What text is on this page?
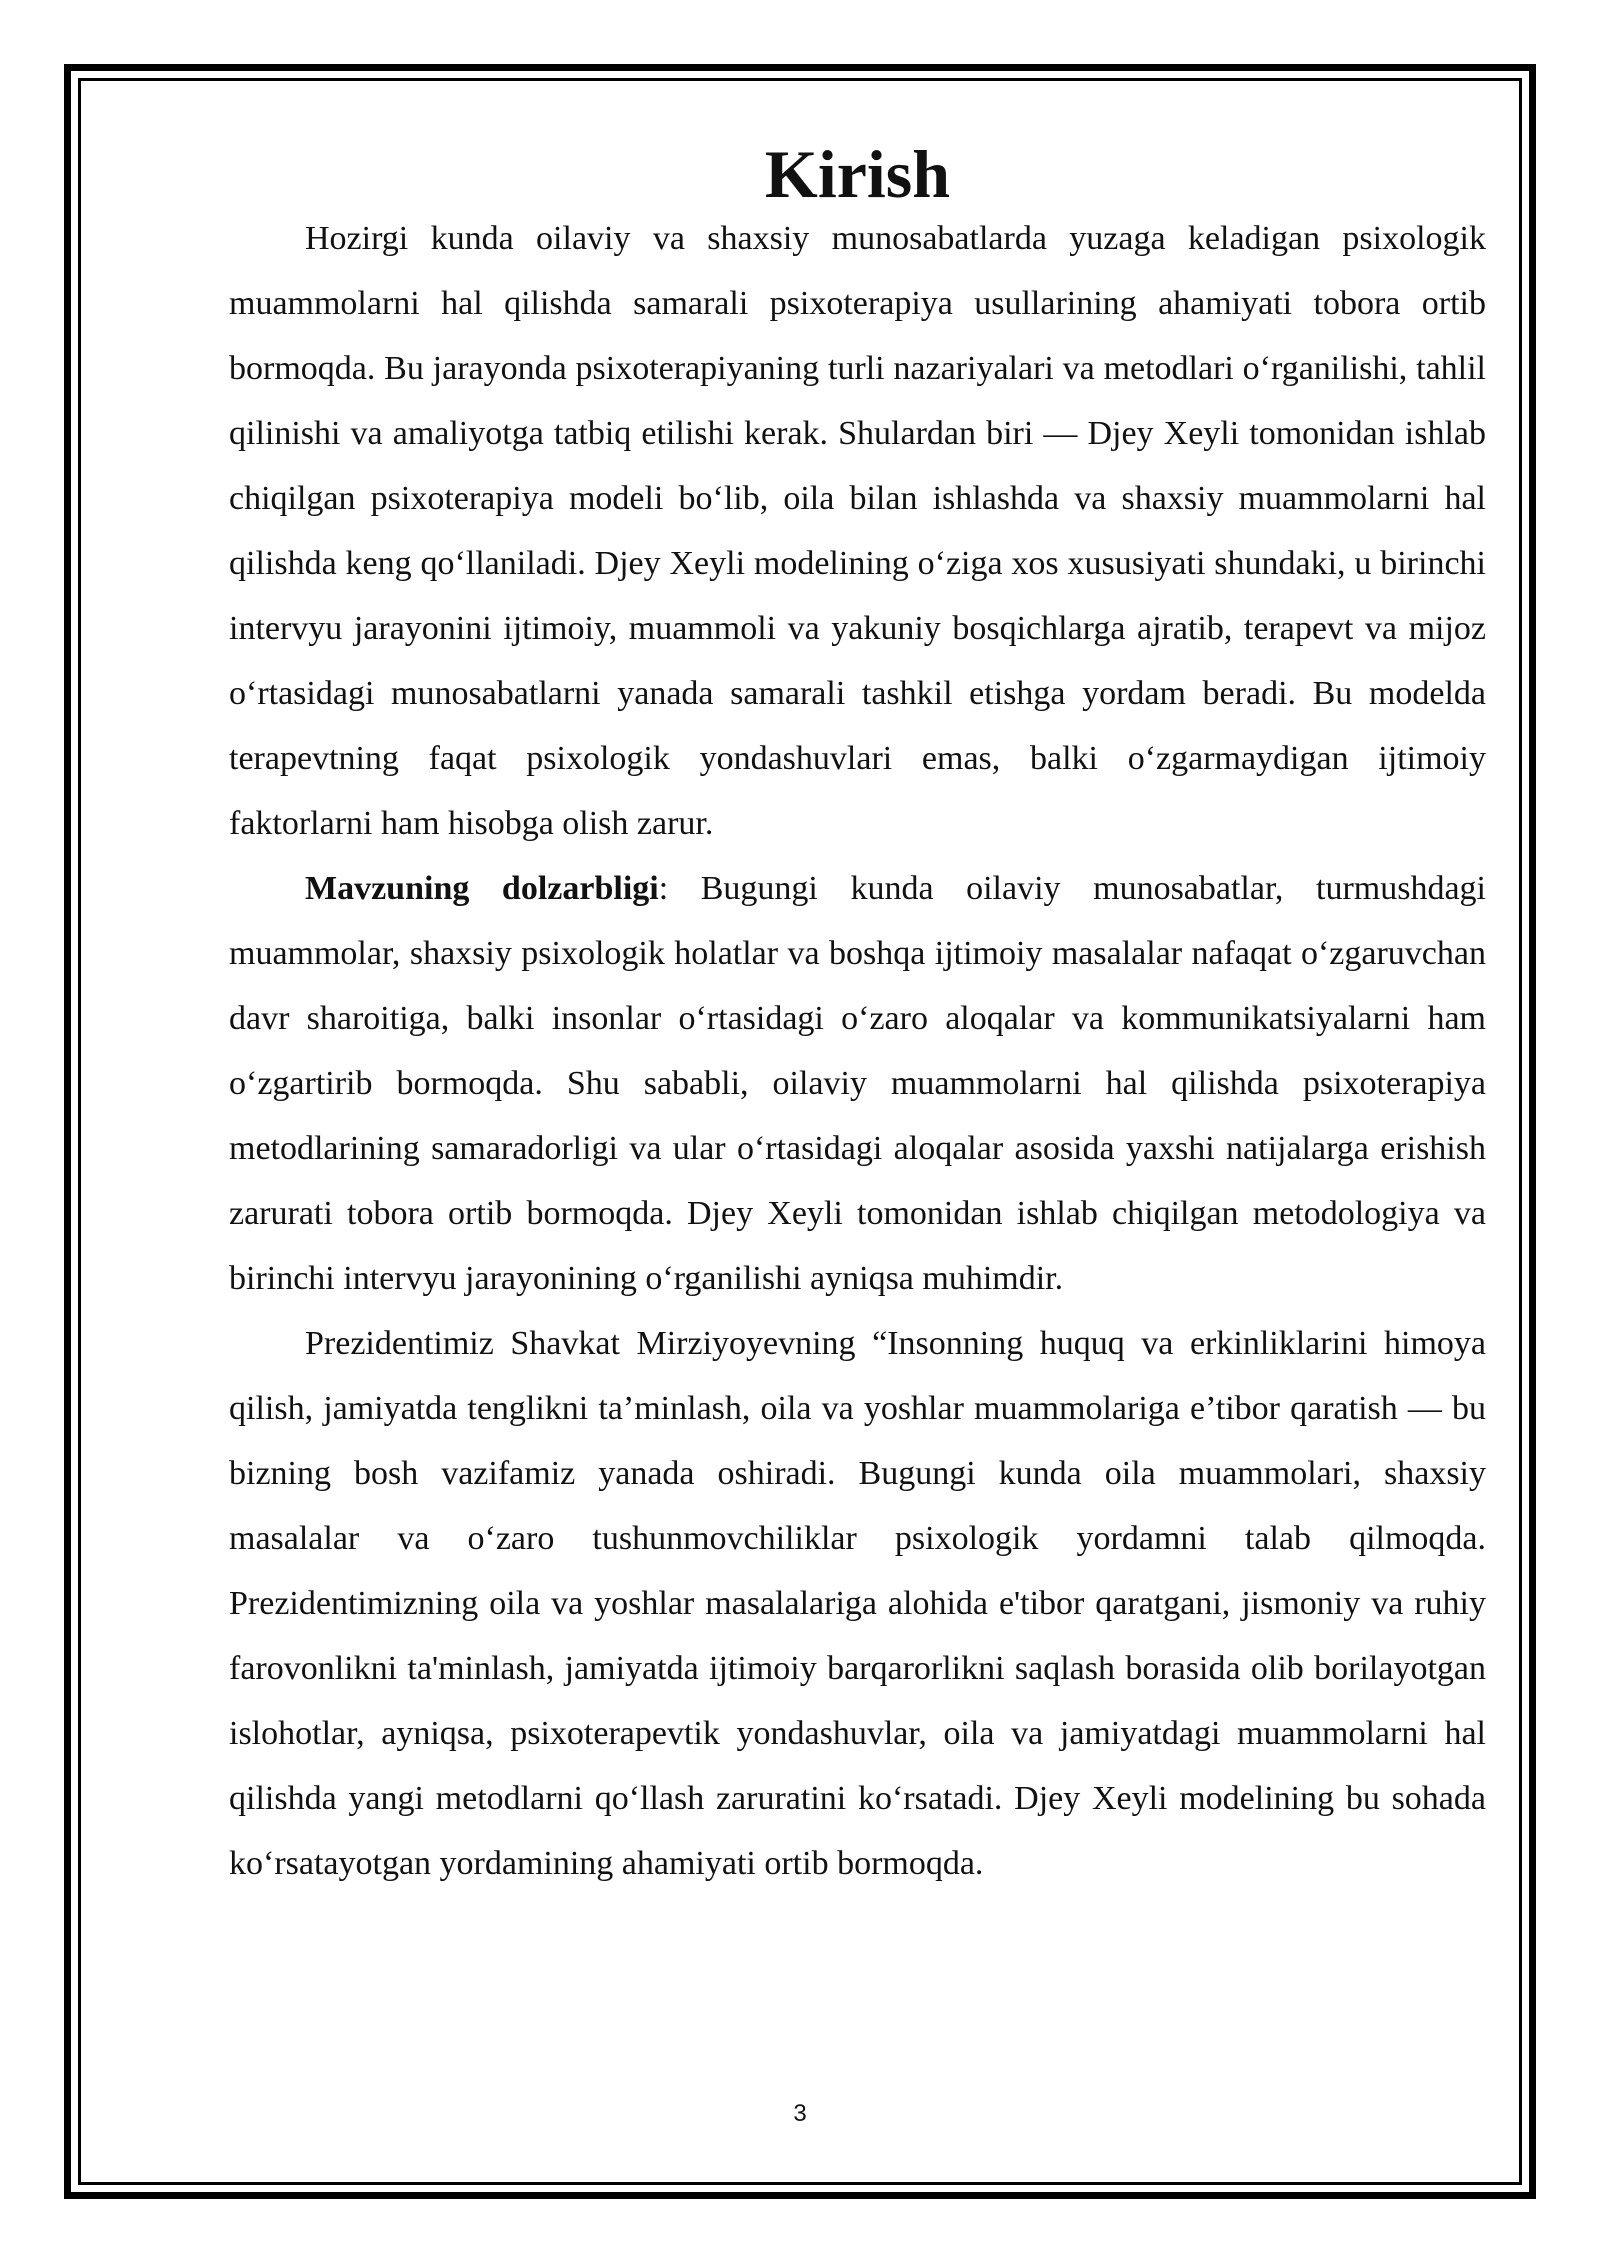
Kirish

Hozirgi kunda oilaviy va shaxsiy munosabatlarda yuzaga keladigan psixologik muammolarni hal qilishda samarali psixoterapiya usullarining ahamiyati tobora ortib bormoqda. Bu jarayonda psixoterapiyaning turli nazariyalari va metodlari o‘rganilishi, tahlil qilinishi va amaliyotga tatbiq etilishi kerak. Shulardan biri — Djey Xeyli tomonidan ishlab chiqilgan psixoterapiya modeli bo‘lib, oila bilan ishlashda va shaxsiy muammolarni hal qilishda keng qo‘llaniladi. Djey Xeyli modelining o‘ziga xos xususiyati shundaki, u birinchi intervyu jarayonini ijtimoiy, muammoli va yakuniy bosqichlarga ajratib, terapevt va mijoz o‘rtasidagi munosabatlarni yanada samarali tashkil etishga yordam beradi. Bu modelda terapevtning faqat psixologik yondashuvlari emas, balki o‘zgarmaydigan ijtimoiy faktorlarni ham hisobga olish zarur.

Mavzuning dolzarbligi: Bugungi kunda oilaviy munosabatlar, turmushdagi muammolar, shaxsiy psixologik holatlar va boshqa ijtimoiy masalalar nafaqat o‘zgaruvchan davr sharoitiga, balki insonlar o‘rtasidagi o‘zaro aloqalar va kommunikatsiyalarni ham o‘zgartirib bormoqda. Shu sababli, oilaviy muammolarni hal qilishda psixoterapiya metodlarining samaradorligi va ular o‘rtasidagi aloqalar asosida yaxshi natijalarga erishish zarurati tobora ortib bormoqda. Djey Xeyli tomonidan ishlab chiqilgan metodologiya va birinchi intervyu jarayonining o‘rganilishi ayniqsa muhimdir.

Prezidentimiz Shavkat Mirziyoyevning “Insonning huquq va erkinliklarini himoya qilish, jamiyatda tenglikni ta’minlash, oila va yoshlar muammolariga e’tibor qaratish — bu bizning bosh vazifamiz yanada oshiradi. Bugungi kunda oila muammolari, shaxsiy masalalar va o‘zaro tushunmovchiliklar psixologik yordamni talab qilmoqda. Prezidentimizning oila va yoshlar masalalariga alohida e'tibor qaratgani, jismoniy va ruhiy farovonlikni ta'minlash, jamiyatda ijtimoiy barqarorlikni saqlash borasida olib borilayotgan islohotlar, ayniqsa, psixoterapevtik yondashuvlar, oila va jamiyatdagi muammolarni hal qilishda yangi metodlarni qo‘llash zaruratini ko‘rsatadi. Djey Xeyli modelining bu sohada ko‘rsatayotgan yordamining ahamiyati ortib bormoqda.

3
